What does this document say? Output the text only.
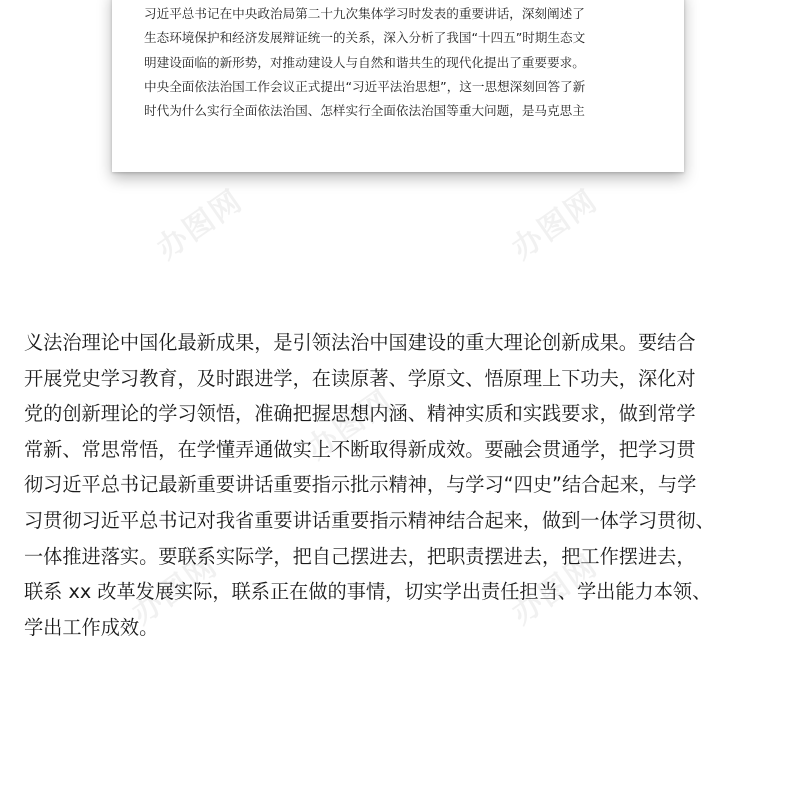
习近平总书记在中央政治局第二十九次集体学习时发表的重要讲话，深刻阐述了
生态环境保护和经济发展辩证统一的关系，深入分析了我国“十四五”时期生态文
明建设面临的新形势，对推动建设人与自然和谐共生的现代化提出了重要要求。
中央全面依法治国工作会议正式提出“习近平法治思想”，这一思想深刻回答了新
时代为什么实行全面依法治国、怎样实行全面依法治国等重大问题，是马克思主
办图网	办图网
办图网
办图网	办图网
义法治理论中国化最新成果，是引领法治中国建设的重大理论创新成果。要结合
开展党史学习教育，及时跟进学，在读原著、学原文、悟原理上下功夫，深化对
党的创新理论的学习领悟，准确把握思想内涵、精神实质和实践要求，做到常学
常新、常思常悟，在学懂弄通做实上不断取得新成效。要融会贯通学，把学习贯
彻习近平总书记最新重要讲话重要指示批示精神，与学习“四史”结合起来，与学
习贯彻习近平总书记对我省重要讲话重要指示精神结合起来，做到一体学习贯彻、
一体推进落实。要联系实际学，把自己摆进去，把职责摆进去，把工作摆进去，
联系 xx 改革发展实际，联系正在做的事情，切实学出责任担当、学出能力本领、
学出工作成效。
